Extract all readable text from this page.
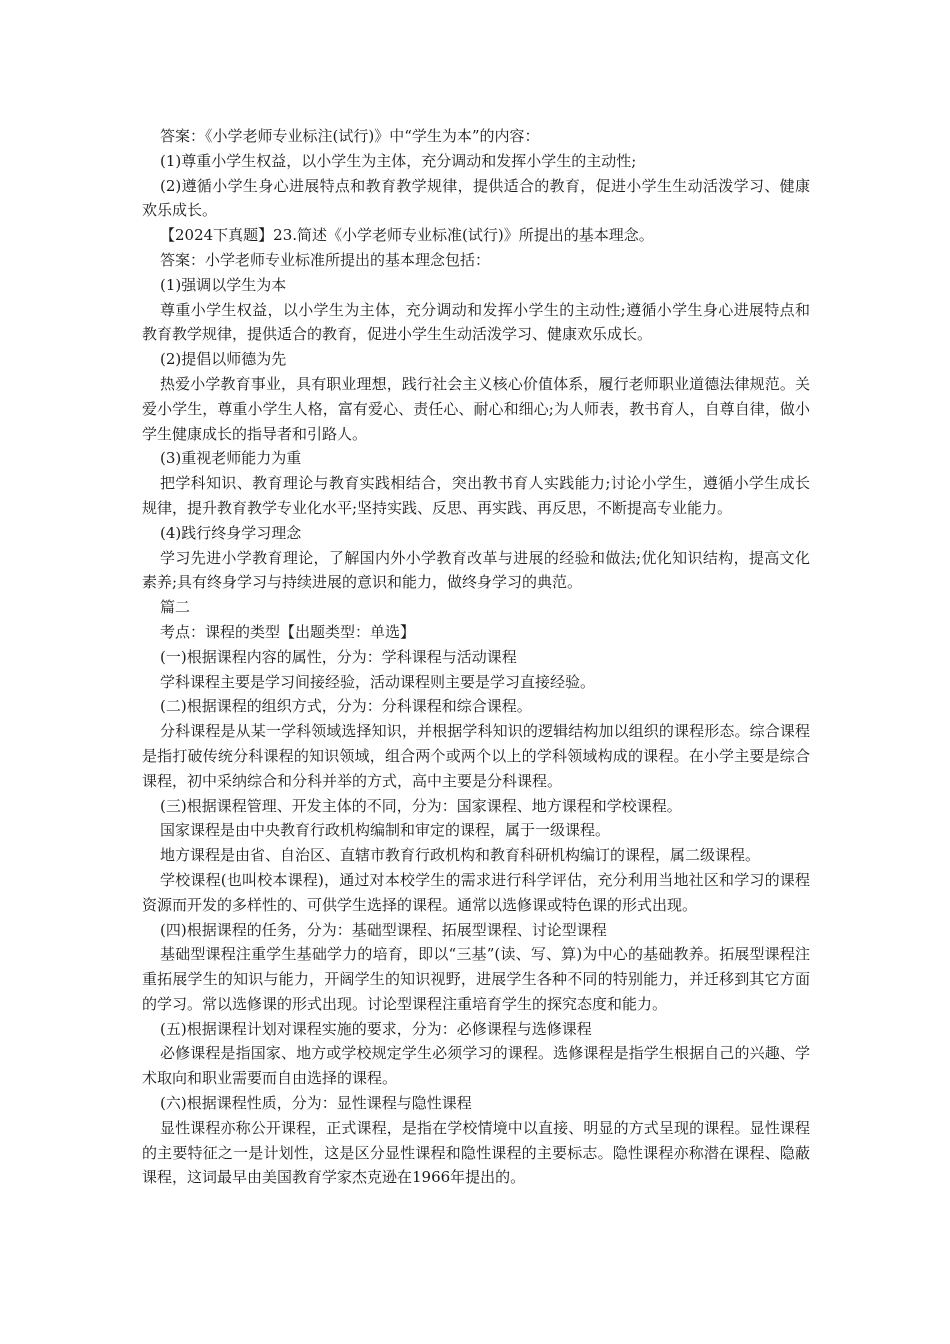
答案：《小学老师专业标注(试行)》中“学生为本”的内容：

(1)尊重小学生权益，以小学生为主体，充分调动和发挥小学生的主动性;

(2)遵循小学生身心进展特点和教育教学规律，提供适合的教育，促进小学生生动活泼学习、健康欢乐成长。

【2024下真题】23.简述《小学老师专业标准(试行)》所提出的基本理念。

答案：小学老师专业标准所提出的基本理念包括：

(1)强调以学生为本

尊重小学生权益，以小学生为主体，充分调动和发挥小学生的主动性;遵循小学生身心进展特点和教育教学规律，提供适合的教育，促进小学生生动活泼学习、健康欢乐成长。

(2)提倡以师德为先

热爱小学教育事业，具有职业理想，践行社会主义核心价值体系，履行老师职业道德法律规范。关爱小学生，尊重小学生人格，富有爱心、责任心、耐心和细心;为人师表，教书育人，自尊自律，做小学生健康成长的指导者和引路人。

(3)重视老师能力为重

把学科知识、教育理论与教育实践相结合，突出教书育人实践能力;讨论小学生，遵循小学生成长规律，提升教育教学专业化水平;坚持实践、反思、再实践、再反思，不断提高专业能力。

(4)践行终身学习理念

学习先进小学教育理论，了解国内外小学教育改革与进展的经验和做法;优化知识结构，提高文化素养;具有终身学习与持续进展的意识和能力，做终身学习的典范。

篇二

考点：课程的类型【出题类型：单选】

(一)根据课程内容的属性，分为：学科课程与活动课程

学科课程主要是学习间接经验，活动课程则主要是学习直接经验。

(二)根据课程的组织方式，分为：分科课程和综合课程。

分科课程是从某一学科领域选择知识，并根据学科知识的逻辑结构加以组织的课程形态。综合课程是指打破传统分科课程的知识领域，组合两个或两个以上的学科领域构成的课程。在小学主要是综合课程，初中采纳综合和分科并举的方式，高中主要是分科课程。

(三)根据课程管理、开发主体的不同，分为：国家课程、地方课程和学校课程。

国家课程是由中央教育行政机构编制和审定的课程，属于一级课程。

地方课程是由省、自治区、直辖市教育行政机构和教育科研机构编订的课程，属二级课程。

学校课程(也叫校本课程)，通过对本校学生的需求进行科学评估，充分利用当地社区和学习的课程资源而开发的多样性的、可供学生选择的课程。通常以选修课或特色课的形式出现。

(四)根据课程的任务，分为：基础型课程、拓展型课程、讨论型课程

基础型课程注重学生基础学力的培育，即以“三基”(读、写、算)为中心的基础教养。拓展型课程注重拓展学生的知识与能力，开阔学生的知识视野，进展学生各种不同的特别能力，并迁移到其它方面的学习。常以选修课的形式出现。讨论型课程注重培育学生的探究态度和能力。

(五)根据课程计划对课程实施的要求，分为：必修课程与选修课程

必修课程是指国家、地方或学校规定学生必须学习的课程。选修课程是指学生根据自己的兴趣、学术取向和职业需要而自由选择的课程。

(六)根据课程性质，分为：显性课程与隐性课程

显性课程亦称公开课程，正式课程，是指在学校情境中以直接、明显的方式呈现的课程。显性课程的主要特征之一是计划性，这是区分显性课程和隐性课程的主要标志。隐性课程亦称潜在课程、隐蔽课程，这词最早由美国教育学家杰克逊在1966年提出的。
